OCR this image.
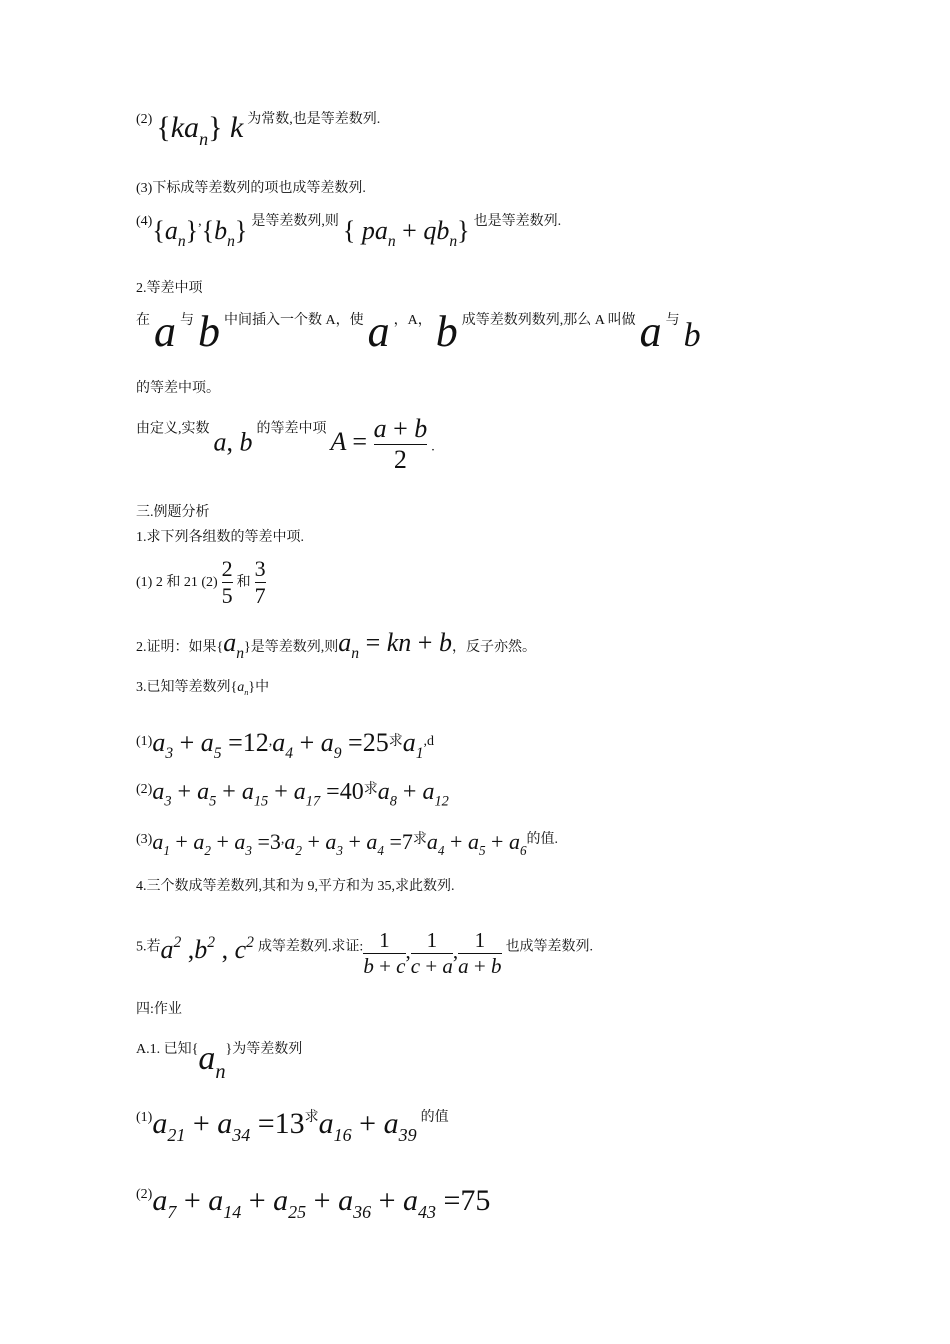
(2) $\{ka_n\}$ k 为常数,也是等差数列.
(3)下标成等差数列的项也成等差数列.
$(4)\{a_n\},\{b_n\}$ 是等差数列,则 { $pa_n + qb_n$} 也是等差数列.
2.等差中项
在 a 与 b 中间插入一个数 A，使 a ，A， b 成等差数列数列,那么 A 叫做 a 与 b
的等差中项。
由定义,实数 a, b 的等差中项 $A = \frac{a + b}{2}$ .
三.例题分析
1.求下列各组数的等差中项.
(1) 2 和 21 $(2) \frac{2}{5}$ 和 $\frac{3}{7}$
2.证明：如果$\{a_n\}$是等差数列,则$a_n$ = kn + b，反子亦然。
3.已知等差数列$\{a_n\}$中
$(1)a_3 + a_5 =12,a_4 + a_9 =25$求$a_1,d$
$(2)a_3 + a_5 + a_{15} + a_{17} =40$求$a_8 + a_{12}$
$(3)a_1 + a_2 + a_3 =3,a_2 + a_3 + a_4 =7$求$a_4 + a_5 + a_6$的值.
4.三个数成等差数列,其和为 9,平方和为 35,求此数列.
5.若$a^2$ $,b^2$ , $c^2$ 成等差数列.求证: $\frac{1}{b + c}$ , $\frac{1}{c + a}$ , $\frac{1}{a + b}$ 也成等差数列.
四:作业
A.1. 已知$\{a_n\}$为等差数列
$(1)a_{21} + a_{34} =13$求$a_{16} + a_{39}$ 的值
$(2)a_7 + a_{14} + a_{25} + a_{36} + a_{43} =75$
